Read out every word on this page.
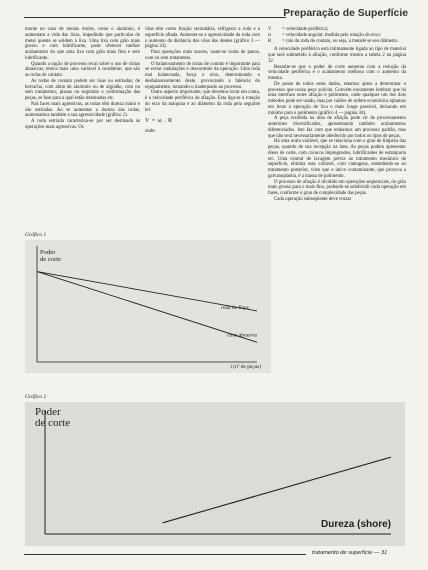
Preparação de Superfície

monte no caso de metais moles, como o alumínio, é aumentam a vida das lixas, impedindo que partículas de metal quente se soldem à lixa. Uma lixa com grão mais grosso e com lubrificante, pode oferecer melhor acabamento do que uma lixa com grão mais fino e sem lubrificante.

Quando a opção de processo recai sobre o uso de cintas abrasivas, temos mais uma variável à considerar, que são as rodas de contato.

As rodas de contato podem ser lisas ou estriadas; de borracha, com alma de alumínio ou de algodão, com ou sem tratamento; planas ou seguindo a conformação das peças, se fase para a qual estão destinadas etc.

Nas faces mais agressivas, as rodas têm dureza maior e são estriadas. Ao se aumentar a dureza das rodas, aumentamos também a sua agressividade (gráfico 2).

A roda estriada caracteriza-se por ser destinada às operações mais agressivas. Os

vãos têm como função secundária, refrigerar a roda e a superfície afiada. Aumenta-se a agressividade da roda com o aumento da distância dos vãos dos dentes (gráfico 3 — página 34).

Para operações mais suaves, usam-se rodas de panos, com ou sem tratamento.

O balanceamento de rodas de contato é importante para se evitar ondulações e descontrole da operação. Uma roda mal balanceada, força o eixo, determinando o desbalanceamento deste, provocando a falência do equipamento, tornando-o inadequado ao processo.

Outro aspecto importante, que devemos levar em conta, é a velocidade periférica da afiação. Esta liga-se à rotação do eixo da máquina e ao diâmetro da roda pela seguinte lei:

V = ω . R

onde:

V	= velocidade periférica;
ω	= velocidade angular, medida pela rotação do eixo;
R	= raio da roda de contato, ou seja, a metade se seu diâmetro.

A velocidade periférica está intimamente ligada ao tipo de material que será submetido à afiação, conforme mostra a tabela 2 na página 32.

Ressalte-se que o poder de corte aumenta com a redução da velocidade periférica e o acabamento melhora com o aumento da mesma.

De posse de todos estes dados, estamos aptos a determinar o processo que nossa peça solicita. Convém novamente lembrar que há uma interface entre afiação e polimento, onde qualquer um dos dois métodos pode ser usado, mas por razões de ordem econômica optamos em levar a operação de lixa o mais longe possível, deixando em mínimo para o polimento (gráfico 4 — página 34).

A peça recebida na área de afiação pode vir de processamento anteriores diversificados, apresentando também acabamentos diferenciados. Isto faz com que tenhamos um processo padrão, mas que não será necessariamente obedecido por todos os tipos de peças.

Há uma outra variável, que se relaciona com o grau de limpeza das peças, quando de sua recepção na área. As peças podem apresentar óleos de corte, com cavacos impregnados, lubrificantes de estamparia etc. Uma central de lavagem prévia ao tratamento mecânico de superfície, elimina esta variável, com vantagens, estendendo-se ao tratamento posterior, visto que o único contaminante, que provoca a galvanoplastia, é a massa de polimento.

O processo de afiação é dividido em operações seqüenciais, do grão mais grosso para o mais fino, podendo-se subdividir cada operação em fases, conforme o grau de complexidade das peças.

Cada operação subseqüente deve cruzar

Gráfico 1
Poder de corte
t (nº de peças)
roda de flaps
cinta abrasiva
Gráfico 2
Poder de corte
Dureza (shore)
tratamento de superfície — 31
